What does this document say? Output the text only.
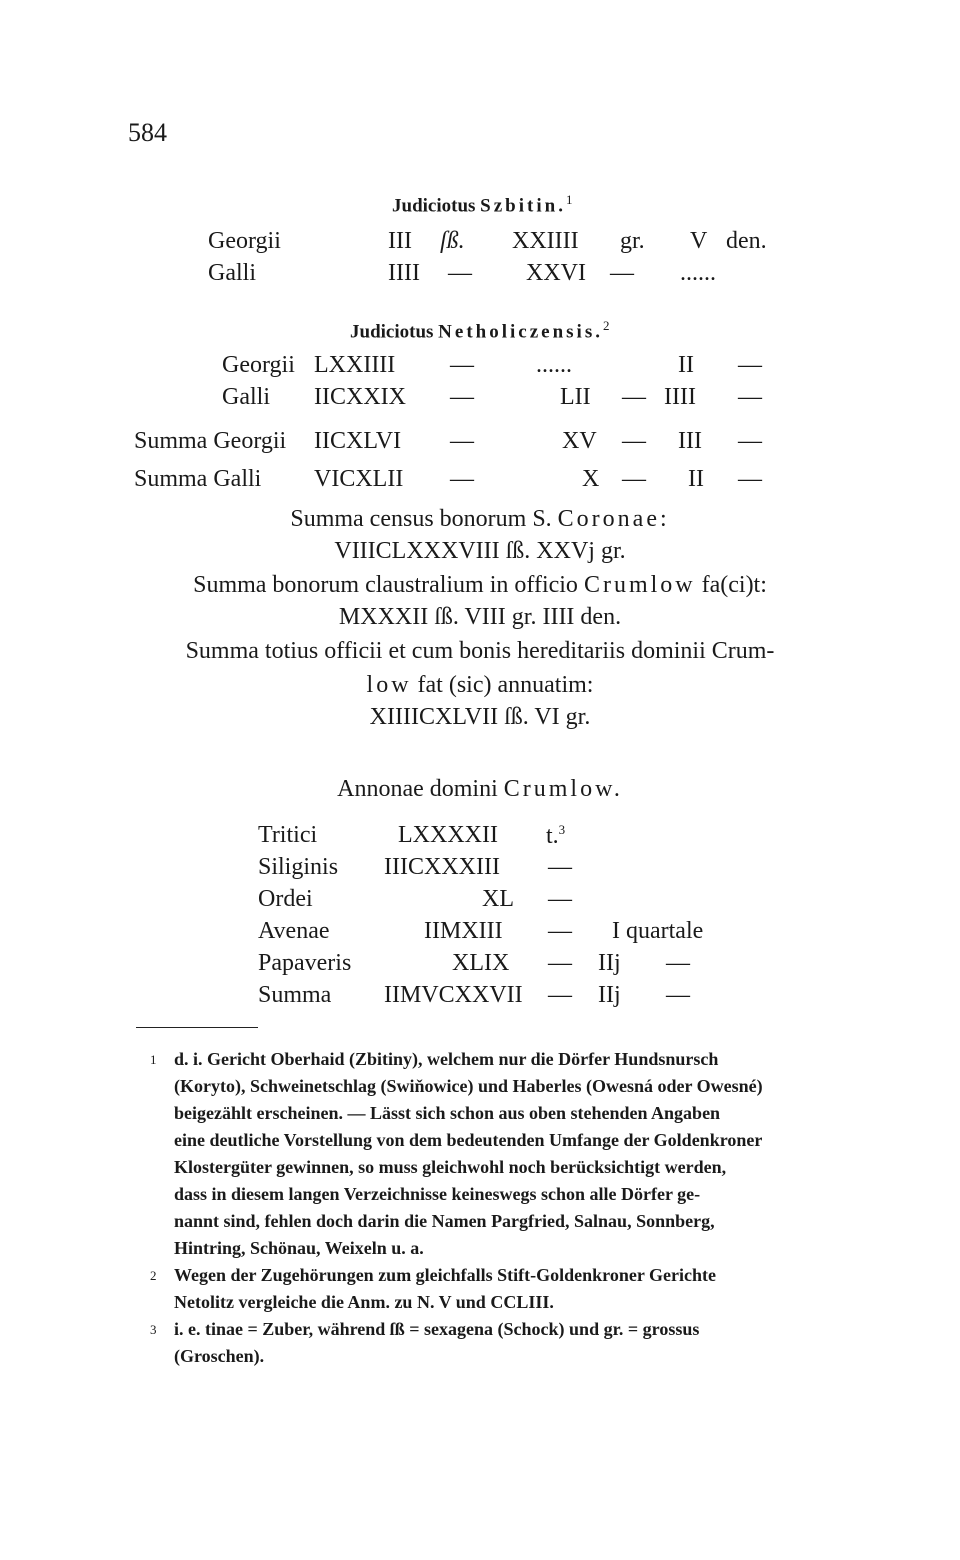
584
Judiciotus Szbitin.$^1$
Georgii	III ſß. XXIIII gr. V den.
Galli	IIII — XXVI — ......
Judiciotus Netholiczensis.$^2$
Georgii LXXIIII —	......	II —
Galli IICXXIX —	LII — IIII —
Summa Georgii IICXLVI —	XV — III —
Summa Galli VICXLII —	X — II —
Summa census bonorum S. Coronae:
VIIICLXXXVIII ſß. XXVj gr.
Summa bonorum claustralium in officio Crumlow fa(ci)t:
MXXXII ſß. VIII gr. IIII den.
Summa totius officii et cum bonis hereditariis dominii Crum-
low fat (sic) annuatim:
XIIIICXLVII ſß. VI gr.
Annonae domini Crumlow.
Tritici	LXXXXII t.$^3$
Siliginis IIICXXXIII —
Ordei	XL —
Avenae	IIMXIII — I quartale
Papaveris	XLIX — IIj —
Summa IIMVCXXVII — IIj —
$^1$ d. i. Gericht Oberhaid (Zbitiny), welchem nur die Dörfer Hundsnursch
(Koryto), Schweinetschlag (Swiňowice) und Haberles (Owesná oder Owesné)
beigezählt erscheinen. — Lässt sich schon aus oben stehenden Angaben
eine deutliche Vorstellung von dem bedeutenden Umfange der Goldenkroner
Klostergüter gewinnen, so muss gleichwohl noch berücksichtigt werden,
dass in diesem langen Verzeichnisse keineswegs schon alle Dörfer ge-
nannt sind, fehlen doch darin die Namen Pargfried, Salnau, Sonnberg,
Hintring, Schönau, Weixeln u. a.
$^2$ Wegen der Zugehörungen zum gleichfalls Stift-Goldenkroner Gerichte
Netolitz vergleiche die Anm. zu N. V und CCLIII.
$^3$ i. e. tinae = Zuber, während ſß = sexagena (Schock) und gr. = grossus
(Groschen).
